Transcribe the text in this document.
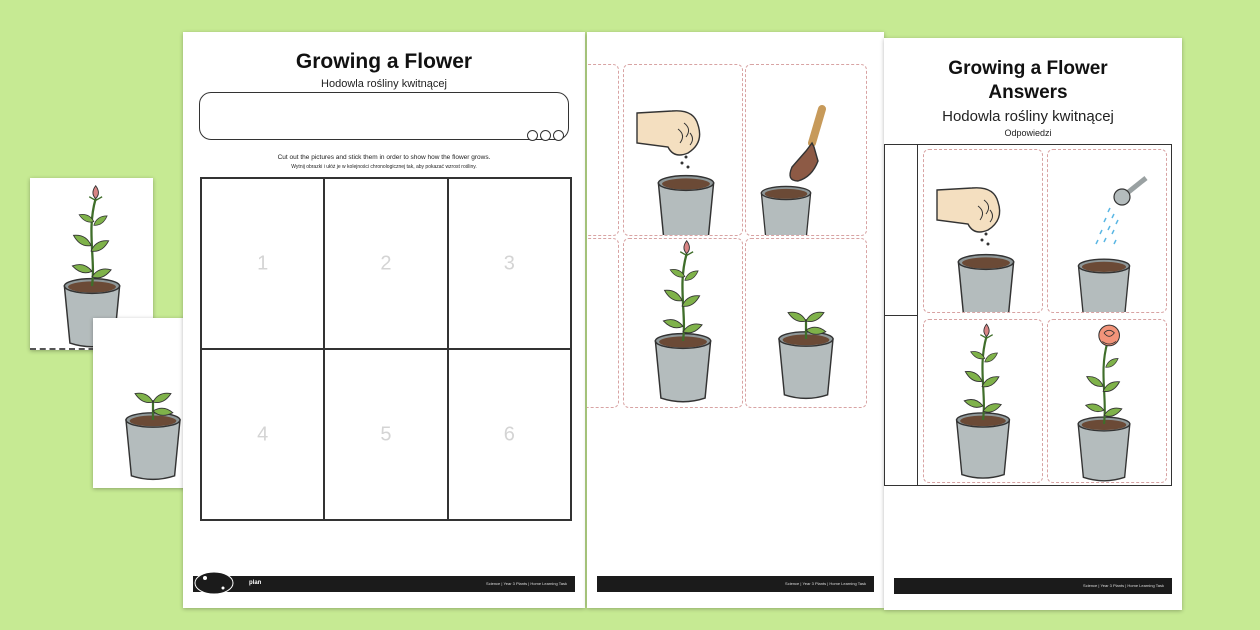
Growing a Flower
Hodowla rośliny kwitnącej
Cut out the pictures and stick them in order to show how the flower grows.
Wytnij obrazki i ułóż je w kolejności chronologicznej tak, aby pokazać wzrost rośliny.
1	2	3
4	5	6
plan	Science | Year 3 Plants | Home Learning Task	Science | Year 3 Plants | Home Learning Task
Growing a Flower
Answers
Hodowla rośliny kwitnącej
Odpowiedzi
Science | Year 3 Plants | Home Learning Task
